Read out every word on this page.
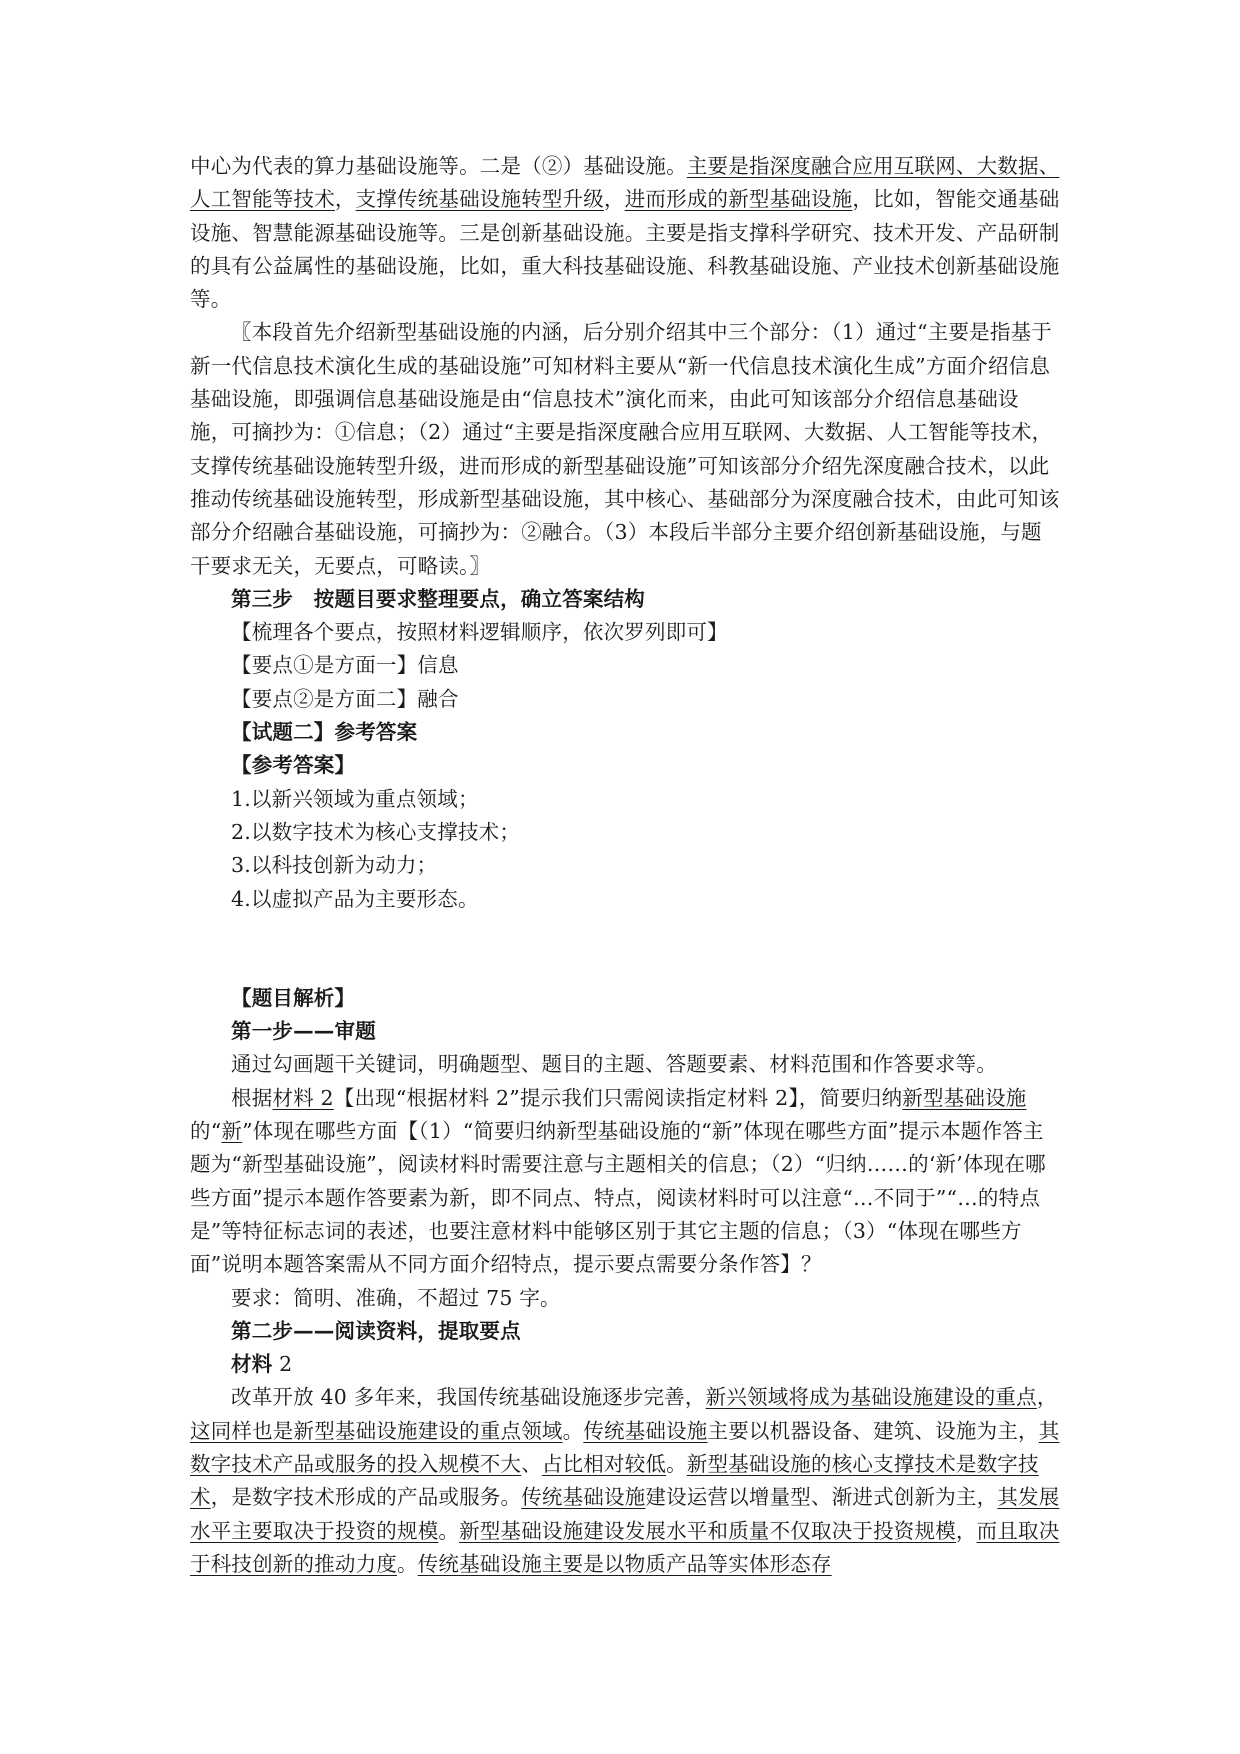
中心为代表的算力基础设施等。二是（②）基础设施。主要是指深度融合应用互联网、大数据、人工智能等技术，支撑传统基础设施转型升级，进而形成的新型基础设施，比如，智能交通基础设施、智慧能源基础设施等。三是创新基础设施。主要是指支撑科学研究、技术开发、产品研制的具有公益属性的基础设施，比如，重大科技基础设施、科教基础设施、产业技术创新基础设施等。

〖本段首先介绍新型基础设施的内涵，后分别介绍其中三个部分：（1）通过“主要是指基于新一代信息技术演化生成的基础设施”可知材料主要从“新一代信息技术演化生成”方面介绍信息基础设施，即强调信息基础设施是由“信息技术”演化而来，由此可知该部分介绍信息基础设施，可摘抄为：①信息；（2）通过“主要是指深度融合应用互联网、大数据、人工智能等技术，支撑传统基础设施转型升级，进而形成的新型基础设施”可知该部分介绍先深度融合技术，以此推动传统基础设施转型，形成新型基础设施，其中核心、基础部分为深度融合技术，由此可知该部分介绍融合基础设施，可摘抄为：②融合。（3）本段后半部分主要介绍创新基础设施，与题干要求无关，无要点，可略读。〗

第三步　按题目要求整理要点，确立答案结构

【梳理各个要点，按照材料逻辑顺序，依次罗列即可】

【要点①是方面一】信息

【要点②是方面二】融合

【试题二】参考答案

【参考答案】

1.以新兴领域为重点领域；

2.以数字技术为核心支撑技术；

3.以科技创新为动力；

4.以虚拟产品为主要形态。

【题目解析】

第一步——审题

通过勾画题干关键词，明确题型、题目的主题、答题要素、材料范围和作答要求等。

根据材料 2【出现“根据材料 2”提示我们只需阅读指定材料 2】，简要归纳新型基础设施的“新”体现在哪些方面【（1）“简要归纳新型基础设施的“新”体现在哪些方面”提示本题作答主题为“新型基础设施”，阅读材料时需要注意与主题相关的信息；（2）“归纳……的‘新’体现在哪些方面”提示本题作答要素为新，即不同点、特点，阅读材料时可以注意“…不同于”“…的特点是”等特征标志词的表述，也要注意材料中能够区别于其它主题的信息；（3）“体现在哪些方面”说明本题答案需从不同方面介绍特点，提示要点需要分条作答】？

要求：简明、准确，不超过 75 字。

第二步——阅读资料，提取要点

材料 2

改革开放 40 多年来，我国传统基础设施逐步完善，新兴领域将成为基础设施建设的重点，这同样也是新型基础设施建设的重点领域。传统基础设施主要以机器设备、建筑、设施为主，其数字技术产品或服务的投入规模不大、占比相对较低。新型基础设施的核心支撑技术是数字技术，是数字技术形成的产品或服务。传统基础设施建设运营以增量型、渐进式创新为主，其发展水平主要取决于投资的规模。新型基础设施建设发展水平和质量不仅取决于投资规模，而且取决于科技创新的推动力度。传统基础设施主要是以物质产品等实体形态存
